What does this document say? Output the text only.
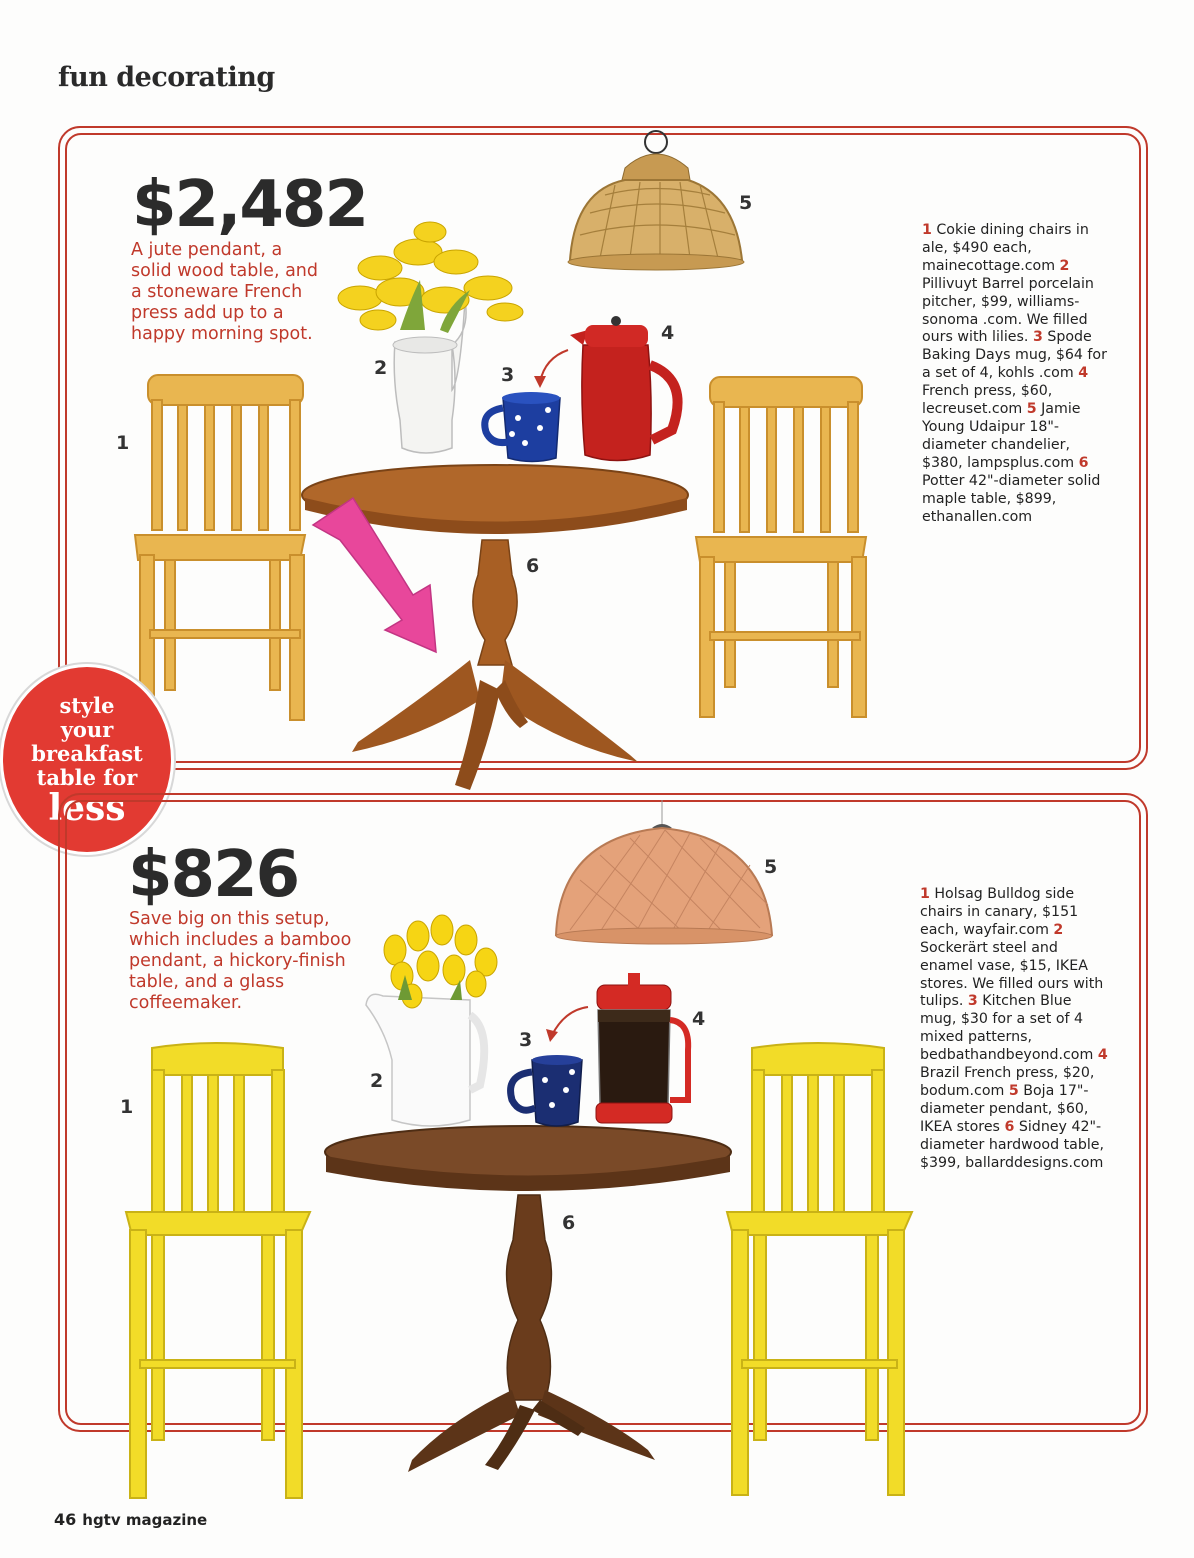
fun decorating
$2,482
A jute pendant, a solid wood table, and a stoneware French press add up to a happy morning spot.
1
2	3
4
5
6
1 Cokie dining chairs in ale, $490 each, mainecottage.com 2 Pillivuyt Barrel porcelain pitcher, $99, williams-sonoma .com. We filled ours with lilies. 3 Spode Baking Days mug, $64 for a set of 4, kohls .com 4 French press, $60, lecreuset.com 5 Jamie Young Udaipur 18"-diameter chandelier, $380, lampsplus.com 6 Potter 42"-diameter solid maple table, $899, ethanallen.com
style
your
breakfast
table for
less
$826
Save big on this setup, which includes a bamboo pendant, a hickory-finish table, and a glass coffeemaker.
1
2
3
4
5
6
1 Holsag Bulldog side chairs in canary, $151 each, wayfair.com 2 Sockerärt steel and enamel vase, $15, IKEA stores. We filled ours with tulips. 3 Kitchen Blue mug, $30 for a set of 4 mixed patterns, bedbathandbeyond.com 4 Brazil French press, $20, bodum.com 5 Boja 17"-diameter pendant, $60, IKEA stores 6 Sidney 42"-diameter hardwood table, $399, ballarddesigns.com
46 hgtv magazine
